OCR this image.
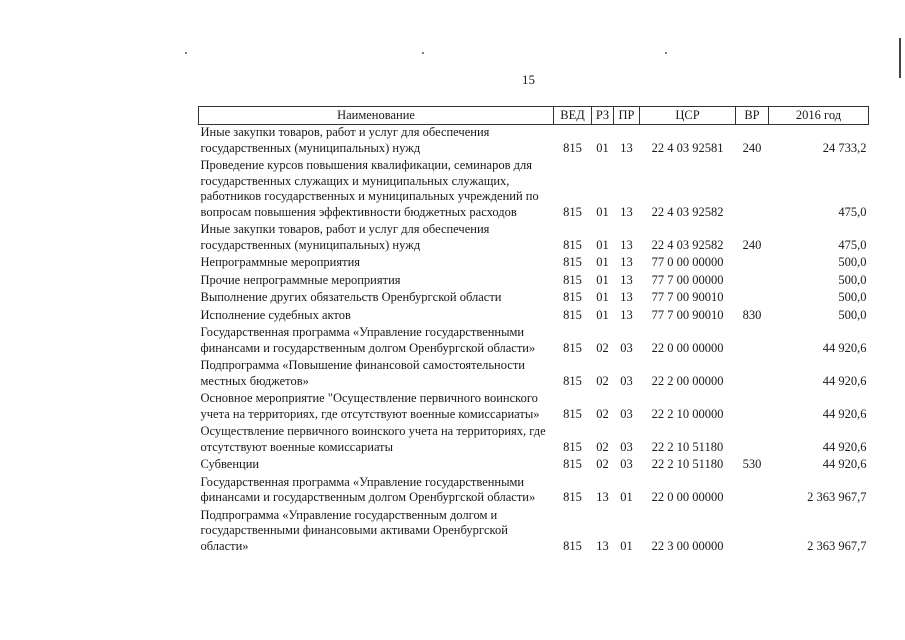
15
Наименование	ВЕД	РЗ	ПР	ЦСР	ВР	2016 год
Иные закупки товаров, работ и услуг для обеспечения государственных (муниципальных) нужд	815	01	13	22 4 03 92581	240	24 733,2
Проведение курсов повышения квалификации, семинаров для государственных служащих и муниципальных служащих, работников государственных и муниципальных учреждений по вопросам повышения эффективности бюджетных расходов	815	01	13	22 4 03 92582		475,0
Иные закупки товаров, работ и услуг для обеспечения государственных (муниципальных) нужд	815	01	13	22 4 03 92582	240	475,0
Непрограммные мероприятия	815	01	13	77 0 00 00000		500,0
Прочие непрограммные мероприятия	815	01	13	77 7 00 00000		500,0
Выполнение других обязательств Оренбургской области	815	01	13	77 7 00 90010		500,0
Исполнение судебных актов	815	01	13	77 7 00 90010	830	500,0
Государственная программа «Управление государственными финансами и государственным долгом Оренбургской области»	815	02	03	22 0 00 00000		44 920,6
Подпрограмма «Повышение финансовой самостоятельности местных бюджетов»	815	02	03	22 2 00 00000		44 920,6
Основное мероприятие "Осуществление первичного воинского учета на территориях, где отсутствуют военные комиссариаты»	815	02	03	22 2 10 00000		44 920,6
Осуществление первичного воинского учета на территориях, где отсутствуют военные комиссариаты	815	02	03	22 2 10 51180		44 920,6
Субвенции	815	02	03	22 2 10 51180	530	44 920,6
Государственная программа «Управление государственными финансами и государственным долгом Оренбургской области»	815	13	01	22 0 00 00000		2 363 967,7
Подпрограмма «Управление государственным долгом и государственными финансовыми активами Оренбургской области»	815	13	01	22 3 00 00000		2 363 967,7
